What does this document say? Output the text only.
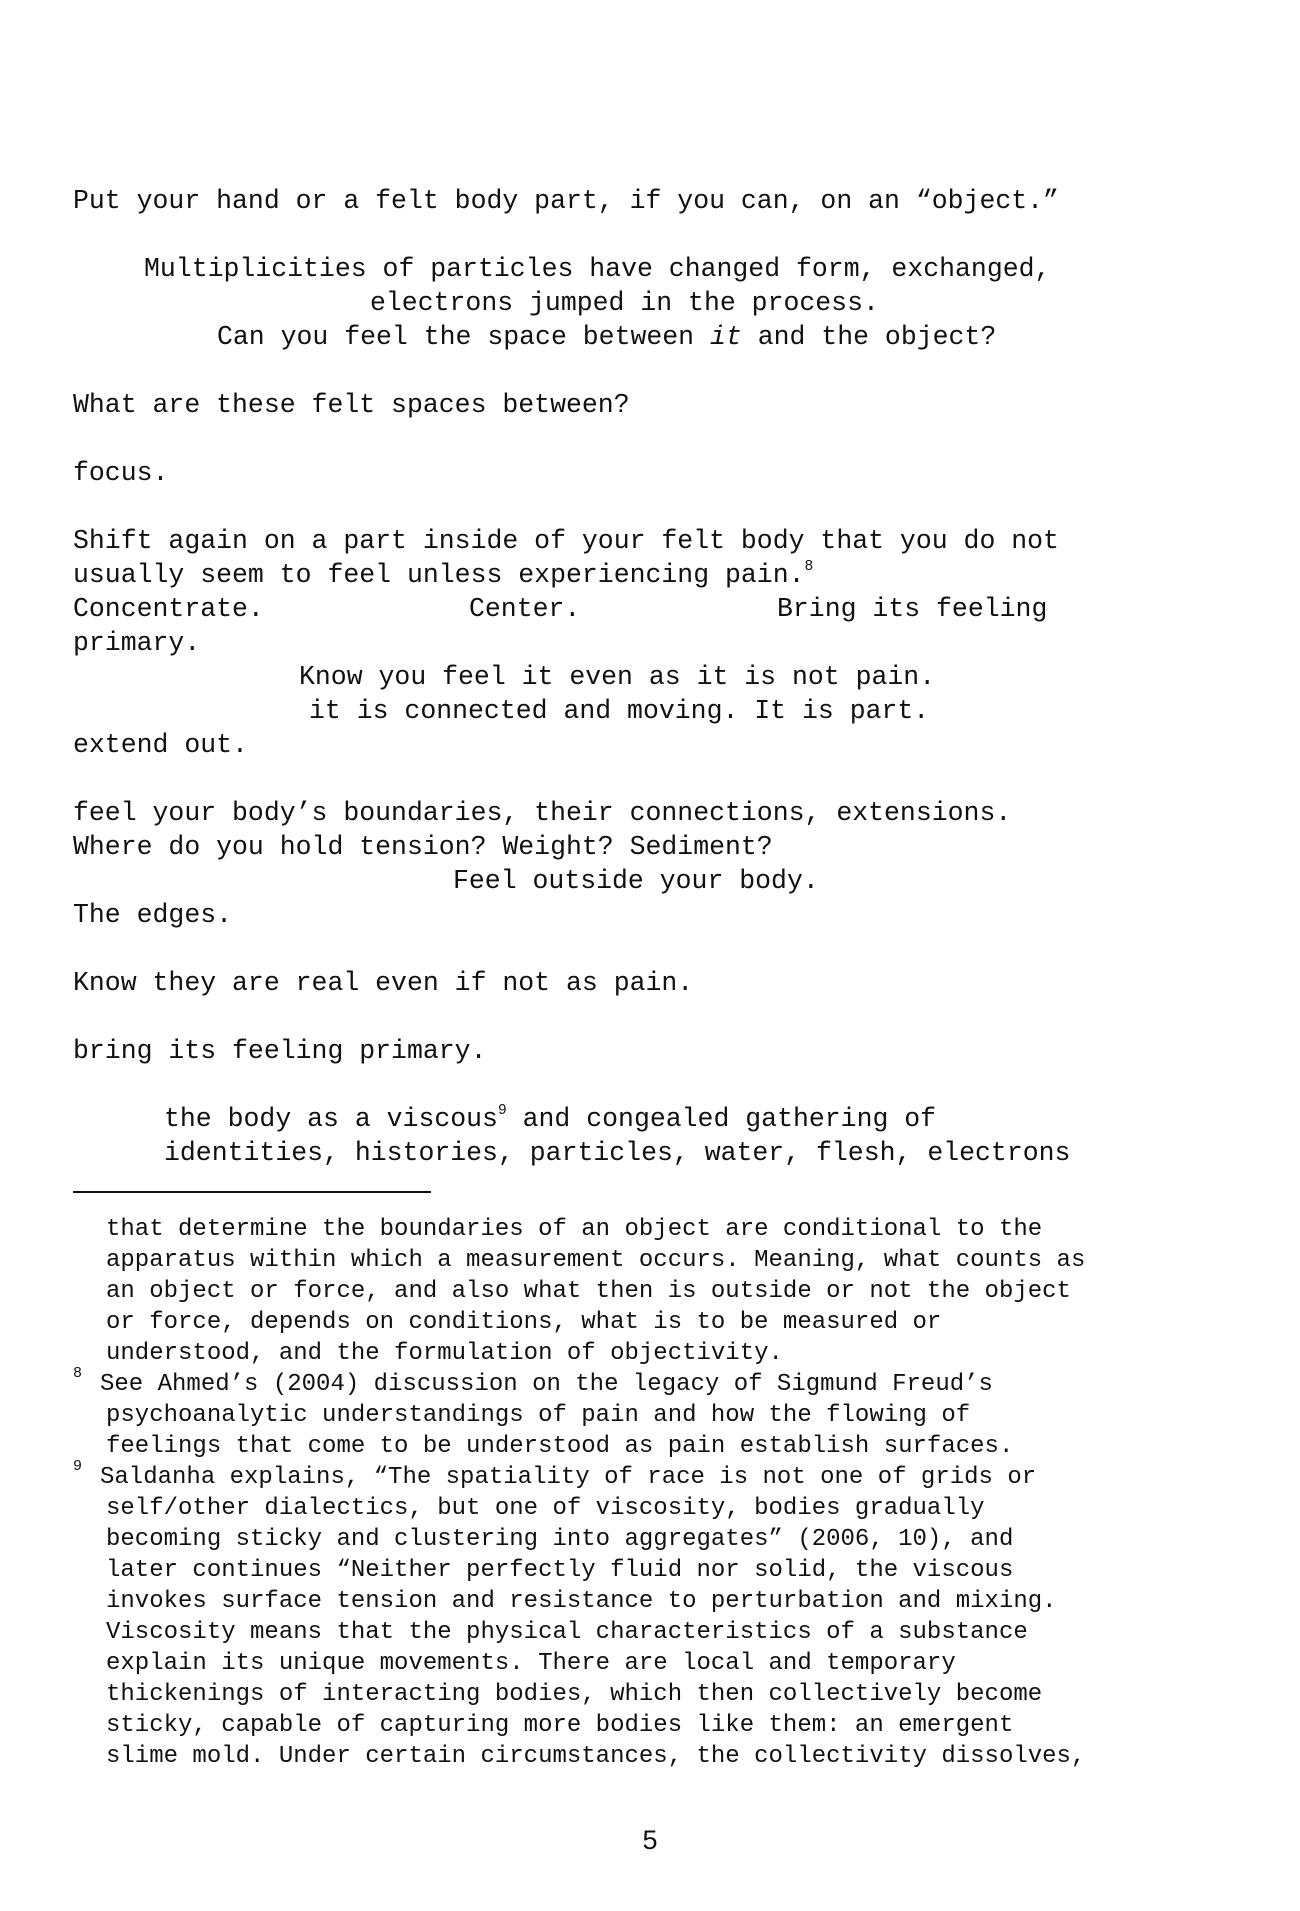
Put your hand or a felt body part, if you can, on an “object.”
Multiplicities of particles have changed form, exchanged,
electrons jumped in the process.
Can you feel the space between it and the object?
What are these felt spaces between?
focus.
Shift again on a part inside of your felt body that you do not
usually seem to feel unless experiencing pain.$^8$
Concentrate.	Center.	Bring its feeling
primary.
Know you feel it even as it is not pain.
it is connected and moving. It is part.
extend out.
feel your body’s boundaries, their connections, extensions.
Where do you hold tension? Weight? Sediment?
Feel outside your body.
The edges.
Know they are real even if not as pain.
bring its feeling primary.
the body as a viscous$^9$ and congealed gathering of
identities, histories, particles, water, flesh, electrons
that determine the boundaries of an object are conditional to the
apparatus within which a measurement occurs. Meaning, what counts as
an object or force, and also what then is outside or not the object
or force, depends on conditions, what is to be measured or
understood, and the formulation of objectivity.
8 See Ahmed’s (2004) discussion on the legacy of Sigmund Freud’s
psychoanalytic understandings of pain and how the flowing of
feelings that come to be understood as pain establish surfaces.
9 Saldanha explains, “The spatiality of race is not one of grids or
self/other dialectics, but one of viscosity, bodies gradually
becoming sticky and clustering into aggregates” (2006, 10), and
later continues “Neither perfectly fluid nor solid, the viscous
invokes surface tension and resistance to perturbation and mixing.
Viscosity means that the physical characteristics of a substance
explain its unique movements. There are local and temporary
thickenings of interacting bodies, which then collectively become
sticky, capable of capturing more bodies like them: an emergent
slime mold. Under certain circumstances, the collectivity dissolves,
5
